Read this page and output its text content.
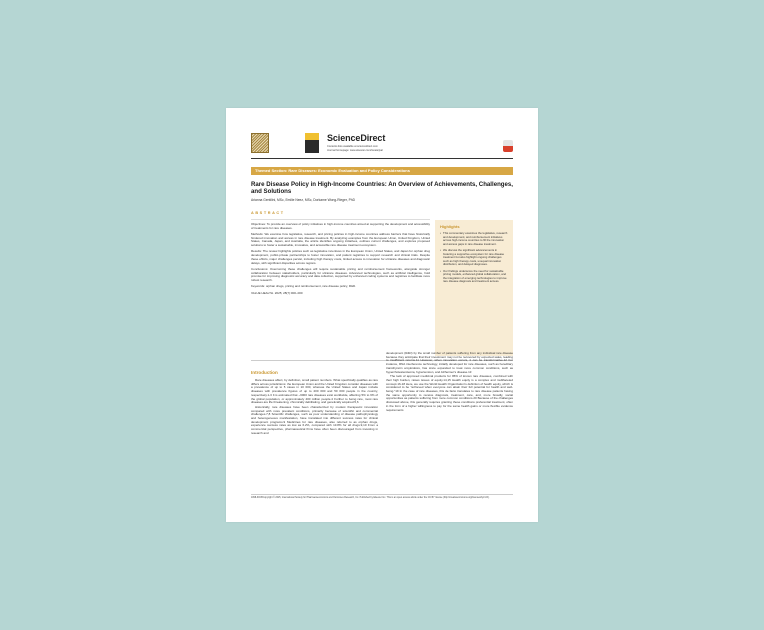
ScienceDirect
Contents lists available at sciencedirect.com
Journal homepage: www.elsevier.com/locate/jval
Themed Section: Rare Diseases: Economic Evaluation and Policy Considerations
Rare Disease Policy in High-Income Countries: An Overview of Achievements, Challenges, and Solutions
Arianna Gentilini, MSc, Emilie Neez, MSc, Dorkame Wong-Rieger, PhD
ABSTRACT

Objectives: To provide an overview of policy initiatives in high-income countries aimed at supporting the development and accessibility of treatments for rare diseases.

Methods: We examine how legislative, research, and pricing policies in high-income countries address barriers that have historically hindered innovation and access in rare disease treatment. By analyzing examples from the European Union, United Kingdom, United States, Canada, Japan, and Australia, the article identifies ongoing initiatives, outlines current challenges, and explores proposed solutions to foster a sustainable, innovative, and accessible rare disease treatment ecosystem.

Results: The review highlights policies such as legislative incentives in the European Union, United States, and Japan for orphan drug development, public-private partnerships to foster innovation, and patient registries to support research and clinical trials. Despite these efforts, major challenges persist, including high therapy costs, limited access to innovation for ultrarare diseases and diagnostic delays, with significant disparities across regions.

Conclusions: Overcoming these challenges will require sustainable pricing and reimbursement frameworks, alongside stronger collaboration between stakeholders, particularly for ultrarare diseases. Advanced technologies, such as artificial intelligence, hold promise for improving diagnostic accuracy and data collection, supported by enhanced coding systems and registries to facilitate more robust research.

Keywords: orphan drugs, pricing and reimbursement, rare disease policy, R&D.

VALUE HEALTH. 2025; 28(7):000–000

Highlights
• This commentary examines the legislative, research and development, and reimbursement initiatives across high-income countries to fill the innovation and access gaps in rare disease treatment.
• We discuss the significant advancements in fostering a supportive ecosystem for rare disease treatment but also highlight ongoing challenges such as high therapy costs, unequal innovation distribution, and delayed diagnoses.
• Our findings underscore the need for sustainable pricing models, enhanced global collaboration, and the integration of emerging technologies to improve rare disease diagnosis and treatment access.
Introduction

Rare diseases affect, by definition, small patient numbers. What specifically qualifies as rare differs across jurisdictions: the European Union and the United Kingdom consider diseases with a prevalence of up to 5 cases in 10 000, whereas the United States and Japan include diseases with prevalence figures of up to 200 000 and 50 000 people in the country, respectively.1-3 It is estimated that ~6000 rare diseases exist worldwide, affecting 5% to 6% of the global population, or approximately 400 million people.4 Further to being rare, most rare diseases are life threatening, chronically debilitating, and genetically acquired.5,6

Historically, rare diseases have been characterized by modest therapeutic innovation compared with more prevalent conditions, primarily because of scientific and commercial challenges.7,8 Scientific challenges, such as poor understanding of disease pathophysiology and heterogeneous manifestation, have translated into different success rates for clinical development programs.9 Medicines for rare diseases, also referred to as orphan drugs, experience success rates as low as 6.2%, compared with 13.8% for all drugs.9,10 From a commercial perspective, pharmaceutical firms have often been discouraged from investing in research and

development (R&D) by the small number of patients suffering from any individual rare disease because they anticipate that their investment may not be recovered by expected sales, leading to insufficient returns.11 However, when innovation occurs, it can be transformative.12 For instance, RNA interference technology, initially developed for rare diseases, such as hereditary transthyretin amyloidosis, has since expanded to treat more common conditions, such as hypercholesterolemia, hypertension, and Alzheimer's disease.13

The lack of approved medicinal products for 95% of known rare diseases, combined with their high burden, raises issues of equity.14,15 Health equity is a complex and multifaceted concept.16-18 Here, we use the World Health Organization's definition of health equity, which is considered to be "achieved when everyone can attain their full potential for health and well-being."19 In the case of rare diseases, this de facto translates to rare disease patients having the same opportunity to receive diagnosis, treatment, care, and, more broadly, social opportunities as patients suffering from more common conditions.20 Because of the challenges discussed above, this generally requires granting these conditions preferential treatment, often in the form of a higher willingness to pay for the same health gains or more flexible evidence requirements

1098-3015/Copyright © 2025, International Society for Pharmacoeconomics and Outcomes Research, Inc. Published by Elsevier Inc. This is an open access article under the CC BY license (http://creativecommons.org/licenses/by/4.0/).
